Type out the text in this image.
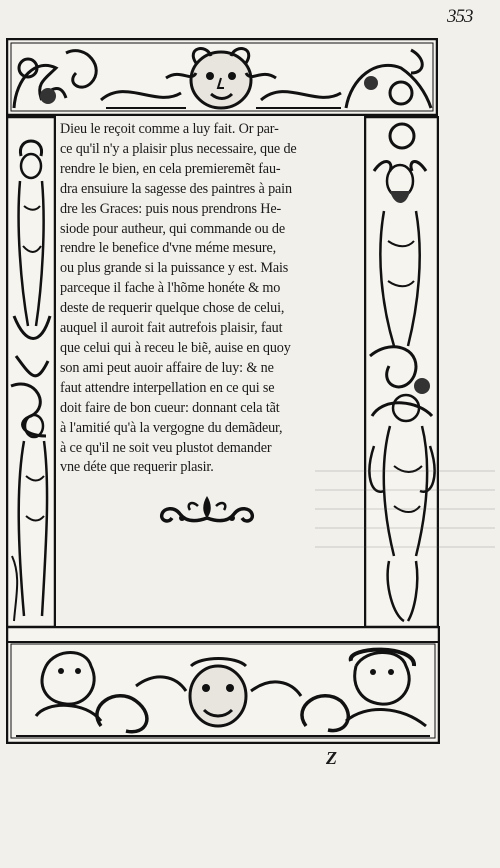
353
Dieu le reçoit comme a luy fait. Or par-
ce qu'il n'y a plaisir plus necessaire, que de
rendre le bien, en cela premieremẽt fau-
dra ensuiure la sagesse des paintres à pain
dre les Graces: puis nous prendrons He-
siode pour autheur, qui commande ou de
rendre le benefice d'vne méme mesure,
ou plus grande si la puissance y est. Mais
parceque il fache à l'hõme honéte & mo
deste de requerir quelque chose de celui,
auquel il auroit fait autrefois plaisir, faut
que celui qui à receu le biẽ, auise en quoy
son ami peut auoir affaire de luy: & ne
faut attendre interpellation en ce qui se
doit faire de bon cueur: donnant cela tãt
à l'amitié qu'à la vergogne du demãdeur,
à ce qu'il ne soit veu plustot demander
vne déte que requerir plasir.
Z
